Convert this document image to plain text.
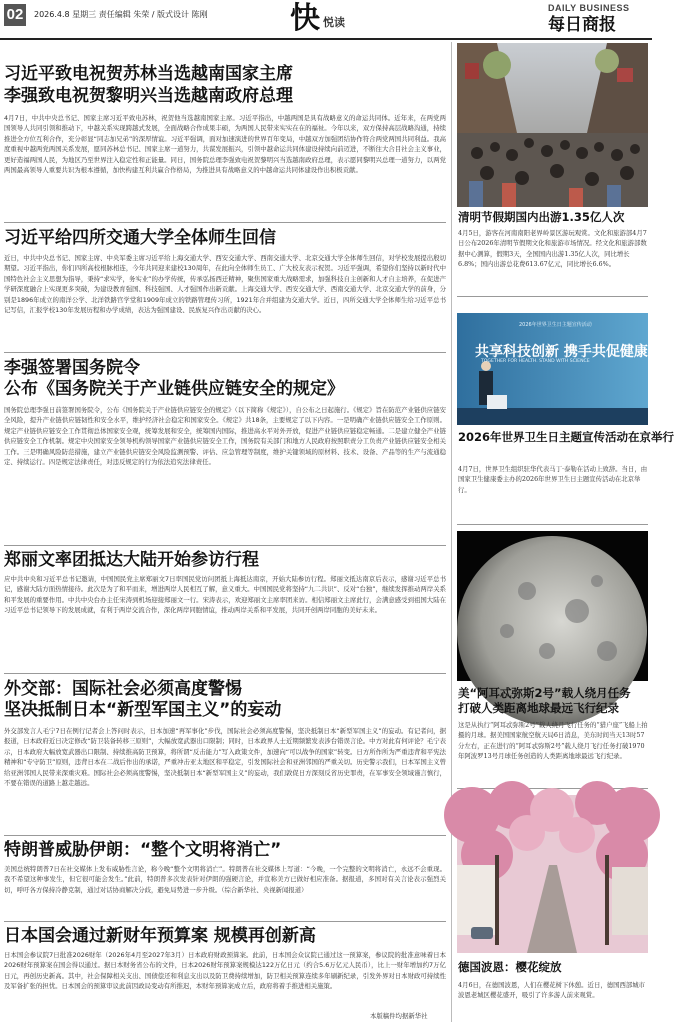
02	2026.4.8 星期三 责任编辑 朱荣 / 版式设计 陈刚	快 悦读
DAILY BUSINESS
每日商报
习近平致电祝贺苏林当选越南国家主席
李强致电祝贺黎明兴当选越南政府总理

4月7日，中共中央总书记、国家主席习近平致电苏林，祝贺他当选越南国家主席。习近平指出，中越两国是具有战略意义的命运共同体。近年来，在两党两国领导人共同引领和推动下，中越关系实现跨越式发展，全面战略合作成果丰硕，为两国人民带来实实在在的福祉。今年以来，双方保持高层战略沟通，持续推进全方位互利合作，充分彰显“同志加兄弟”的深厚情谊。习近平强调，面对加速演进的世界百年变局，中越双方加强团结协作符合两党两国共同利益。我高度重视中越两党两国关系发展，愿同苏林总书记、国家主席一道努力，共谋发展振兴，引领中越命运共同体建设持续向前迈进，不断往大合目社会主义事业，更好造福两国人民，为地区乃至世界注入稳定性和正能量。同日，国务院总理李强致电祝贺黎明兴当选越南政府总理，表示愿同黎明兴总理一道努力，以两党两国最高领导人重要共识为根本遵循，加快构建互利共赢合作格局，为推进具有战略意义的中越命运共同体建设作出积极贡献。

习近平给四所交通大学全体师生回信

近日，中共中央总书记、国家主席、中央军委主席习近平给上海交通大学、西安交通大学、西南交通大学、北京交通大学全体师生回信，对学校发展提出殷切期望。习近平指出，你们四所高校根脉相连，今年共同迎来建校130周年，在此向全体师生员工、广大校友表示祝贺。习近平强调，希望你们坚持以新时代中国特色社会主义思想为指导，秉持“求实学，务实业”的办学传统，传承弘扬西迁精神，聚焦国家重大战略需求，加强科技自主创新和人才自主培养，在促进产学研深度融合上实现更多突破，为建设教育强国、科技强国、人才强国作出新贡献。上海交通大学、西安交通大学、西南交通大学、北京交通大学的前身，分别是1896年成立的南洋公学、北洋铁路官学堂和1909年成立的铁路管理传习所，1921年合并组建为交通大学。近日，四所交通大学全体师生给习近平总书记写信，汇报学校130年发展历程和办学成绩，表达为强国建设、民族复兴作出贡献的决心。

李强签署国务院令
公布《国务院关于产业链供应链安全的规定》

国务院总理李强日前签署国务院令，公布《国务院关于产业链供应链安全的规定》（以下简称《规定》），自公布之日起施行。《规定》旨在防范产业链供应链安全风险，提升产业链供应链韧性和安全水平，维护经济社会稳定和国家安全。《规定》共18条，主要规定了以下内容。一是明确产业链供应链安全工作原则。规定产业链供应链安全工作贯彻总体国家安全观，统筹发展和安全，统筹国内国际，推进高水平对外开放，促进产业链供应链稳定畅通。二是建立健全产业链供应链安全工作机制。规定中央国家安全领导机构领导国家产业链供应链安全工作，国务院有关部门和地方人民政府按照职责分工负责产业链供应链安全相关工作。三是明确风险防范措施，建立产业链供应链安全风险监测预警、评估、应急管理等制度，维护关键领域的原材料、技术、设备、产品等的生产与流通稳定、持续运行。四是规定法律责任，对违反规定的行为依法追究法律责任。

郑丽文率团抵达大陆开始参访行程

应中共中央和习近平总书记邀请，中国国民党主席郑丽文7日率国民党访问团抵上海抵达南京，开始大陆参访行程。郑丽文抵达南京后表示，感谢习近平总书记，感谢大陆方面热情接待。此次是为了和平而来，增进两岸人民相互了解，意义重大。中国国民党将坚持“九二共识”、反对“台独”，继续发挥推动两岸关系和平发展的重要作用。中共中央台办主任宋涛到机场迎接郑丽文一行。宋涛表示，欢迎郑丽文主席率团来访。相信郑丽文主席此行，会满意感受到祖国大陆在习近平总书记领导下的发展成就，有利于两岸交流合作，深化两岸同胞情谊，推动两岸关系和平发展，共同开创两岸同胞的美好未来。

外交部：国际社会必须高度警惕
坚决抵制日本“新型军国主义”的妄动

外交部发言人毛宁7日在例行记者会上答问时表示，日本加速“再军事化”步伐，国际社会必须高度警惕，坚决抵制日本“新型军国主义”的妄动。有记者问，据报道，日本政府近日决定修改“防卫装备转移三原则”，大幅放宽武器出口限制；同时，日本政界人士近期频繁发表涉台错误言论。中方对此有何评论？毛宁表示，日本政府大幅放宽武器出口限制、持续推高防卫预算，将所谓“反击能力”写入政策文件，加速向“可以战争的国家”转变。日方所作所为严重违背和平宪法精神和“专守防卫”原则，违背日本在二战后作出的承诺，严重冲击亚太地区和平稳定，引发国际社会和亚洲邻国的严重关切。历史警示我们，日本军国主义曾给亚洲邻国人民带来深重灾难。国际社会必须高度警惕，坚决抵制日本“新型军国主义”的妄动，我们敦促日方深刻反省历史罪责，在军事安全领域谨言慎行，不要在错误的道路上越走越远。

特朗普威胁伊朗：“整个文明将消亡”

美国总统特朗普7日在社交媒体上发布威胁性言论，称今晚“整个文明将消亡”。特朗普在社交媒体上写道：“今晚，一个完整的文明将消亡，永远不会重现。我不希望这种事发生，但它很可能会发生。”此前，特朗普多次发表针对伊朗的强硬言论，并宣称美方已做好相应准备。据报道，多国对有关言论表示强烈关切，呼吁各方保持冷静克制，通过对话协商解决分歧，避免局势进一步升级。（综合新华社、央视新闻报道）

日本国会通过新财年预算案 规模再创新高

日本国会参议院7日批准2026财年（2026年4月至2027年3月）日本政府财政预算案。此前，日本国会众议院已通过这一预算案，参议院的批准意味着日本2026财年预算案在国会得以通过。据日本财务省公布的文件，日本2026财年预算案规模达122万亿日元（约合5.6万亿元人民币），比上一财年增加约7万亿日元，再创历史新高。其中，社会保障相关支出、国债偿还和利息支出以及防卫费持续增加，防卫相关预算连续多年刷新纪录，引发外界对日本财政可持续性及军备扩张的担忧。日本国会的预算审议此前因政局变动有所推迟，本财年预算案成立后，政府将着手推进相关施策。

本版稿件均据新华社
清明节假期国内出游1.35亿人次

4月5日，游客在河南南阳老界岭景区游玩观赏。文化和旅游部4月7日公布2026年清明节假期文化和旅游市场情况。经文化和旅游部数据中心测算，假期3天，全国国内出游1.35亿人次，同比增长6.8%；国内出游总花费613.67亿元，同比增长6.6%。

2026年世界卫生日主题宣传活动
共享科技创新 携手共促健康
TOGETHER FOR HEALTH. STAND WITH SCIENCE
2026年世界卫生日主题宣传活动在京举行

4月7日，世界卫生组织驻华代表马丁·泰勒在活动上致辞。当日，由国家卫生健康委主办的2026年世界卫生日主题宣传活动在北京举行。

美“阿耳忒弥斯2号”载人绕月任务
打破人类距离地球最远飞行纪录

这是从执行“阿耳忒弥斯2号”载人绕月飞行任务的“猎户座”飞船上拍摄的月球。据美国国家航空航天局6日消息，美东时间当天13时57分左右，正在进行的“阿耳忒弥斯2号”载人绕月飞行任务打破1970年阿波罗13号月球任务创造的人类距离地球最远飞行纪录。

德国波恩：樱花绽放

4月6日，在德国波恩，人们在樱花树下休憩。近日，德国西部城市波恩老城区樱花盛开，吸引了许多游人前来观赏。
